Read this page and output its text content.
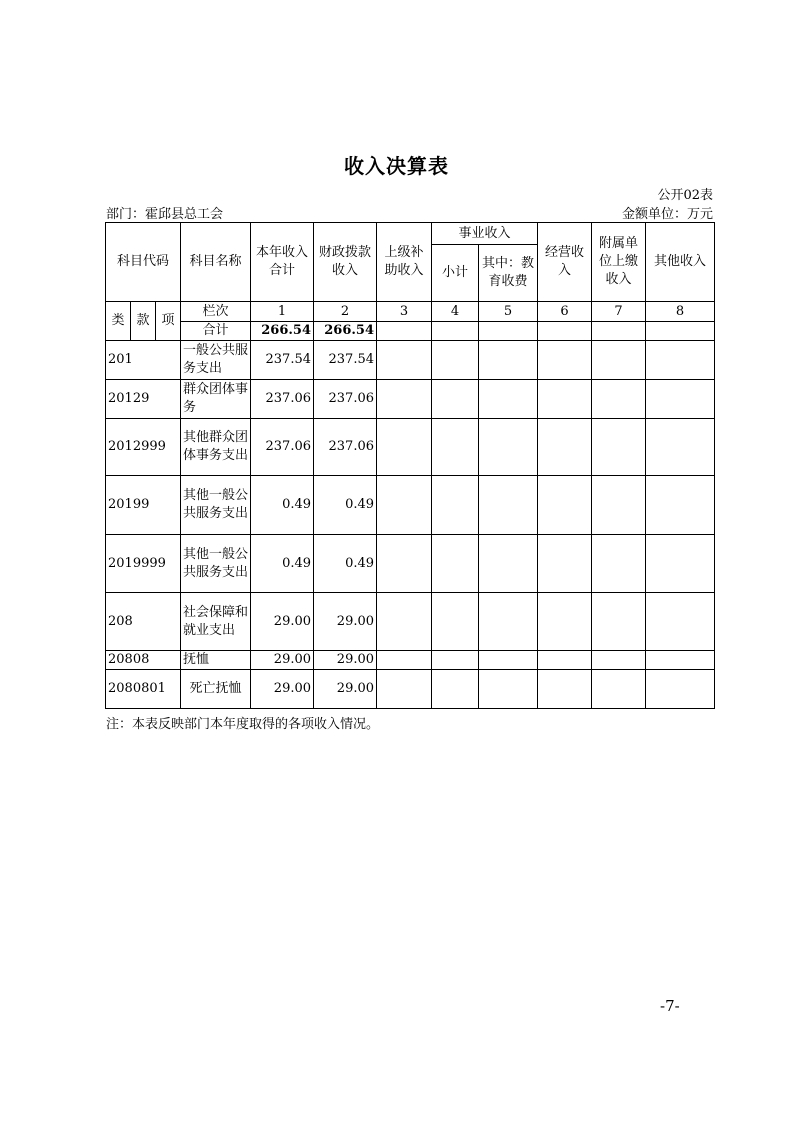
收入决算表
公开02表
部门：霍邱县总工会	金额单位：万元
科目代码			科目名称	本年收入合计	财政拨款收入	上级补助收入	事业收入		经营收入	附属单位上缴收入	其他收入
							小计	其中：教育收费			

类	款	项	栏次	1	2	3	4	5	6	7	8
			合计	266.54	266.54						
201			一般公共服务支出	237.54	237.54						
20129			群众团体事务	237.06	237.06						
2012999			其他群众团体事务支出	237.06	237.06						
20199			其他一般公共服务支出	0.49	0.49						
2019999			其他一般公共服务支出	0.49	0.49						
208			社会保障和就业支出	29.00	29.00						
20808			抚恤	29.00	29.00						
2080801			死亡抚恤	29.00	29.00						
注：本表反映部门本年度取得的各项收入情况。
-7-
